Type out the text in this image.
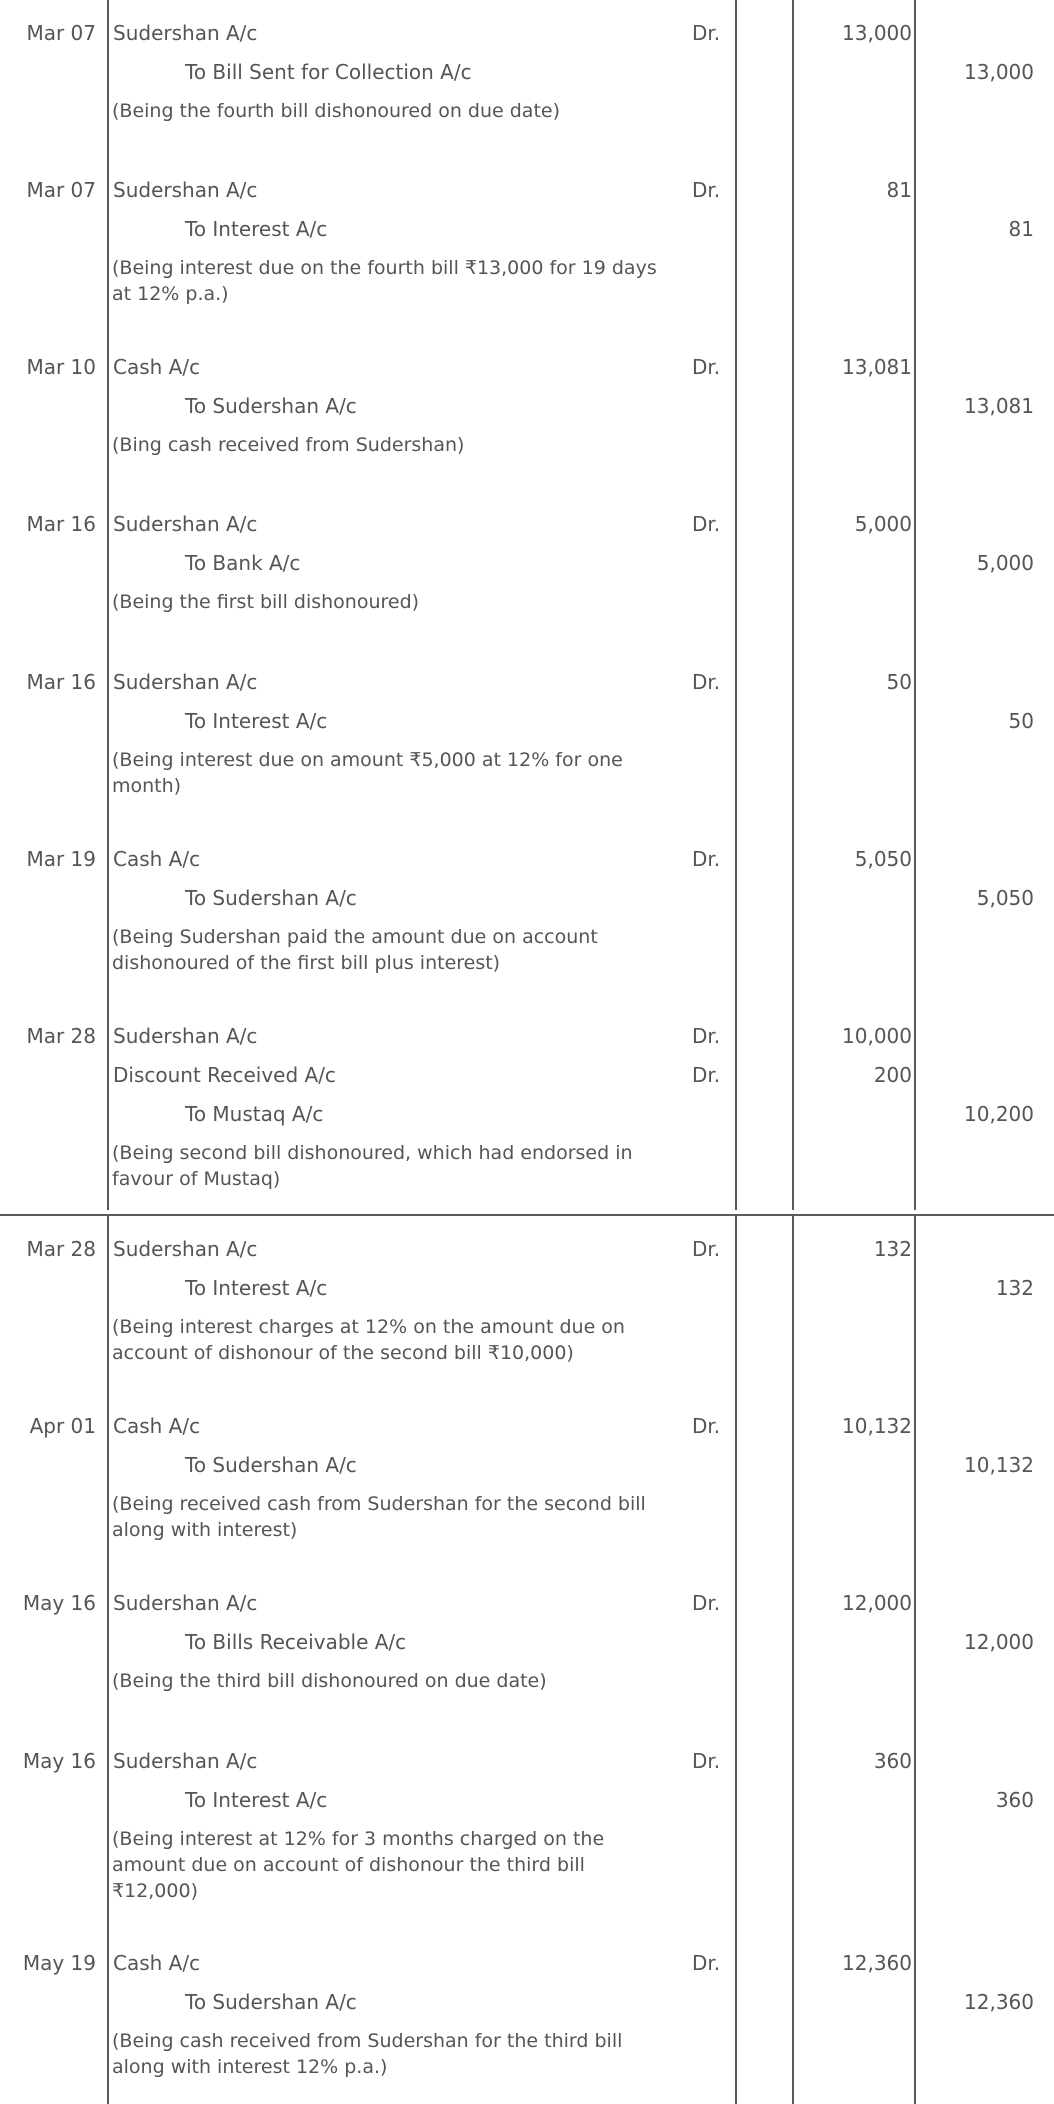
Mar 07 Sudershan A/c	Dr.	13,000
To Bill Sent for Collection A/c	13,000
(Being the fourth bill dishonoured on due date)
Mar 07 Sudershan A/c	Dr.	81
To Interest A/c	81
(Being interest due on the fourth bill ₹13,000 for 19 days at 12% p.a.)
Mar 10 Cash A/c	Dr.	13,081
To Sudershan A/c	13,081
(Bing cash received from Sudershan)
Mar 16 Sudershan A/c	Dr.	5,000
To Bank A/c	5,000
(Being the first bill dishonoured)
Mar 16 Sudershan A/c	Dr.	50
To Interest A/c	50
(Being interest due on amount ₹5,000 at 12% for one month)
Mar 19 Cash A/c	Dr.	5,050
To Sudershan A/c	5,050
(Being Sudershan paid the amount due on account dishonoured of the first bill plus interest)
Mar 28 Sudershan A/c	Dr.	10,000
Discount Received A/c	Dr.	200
To Mustaq A/c	10,200
(Being second bill dishonoured, which had endorsed in favour of Mustaq)
Mar 28 Sudershan A/c	Dr.	132
To Interest A/c	132
(Being interest charges at 12% on the amount due on account of dishonour of the second bill ₹10,000)
Apr 01 Cash A/c	Dr.	10,132
To Sudershan A/c	10,132
(Being received cash from Sudershan for the second bill along with interest)
May 16 Sudershan A/c	Dr.	12,000
To Bills Receivable A/c	12,000
(Being the third bill dishonoured on due date)
May 16 Sudershan A/c	Dr.	360
To Interest A/c	360
(Being interest at 12% for 3 months charged on the amount due on account of dishonour the third bill ₹12,000)
May 19 Cash A/c	Dr.	12,360
To Sudershan A/c	12,360
(Being cash received from Sudershan for the third bill along with interest 12% p.a.)
